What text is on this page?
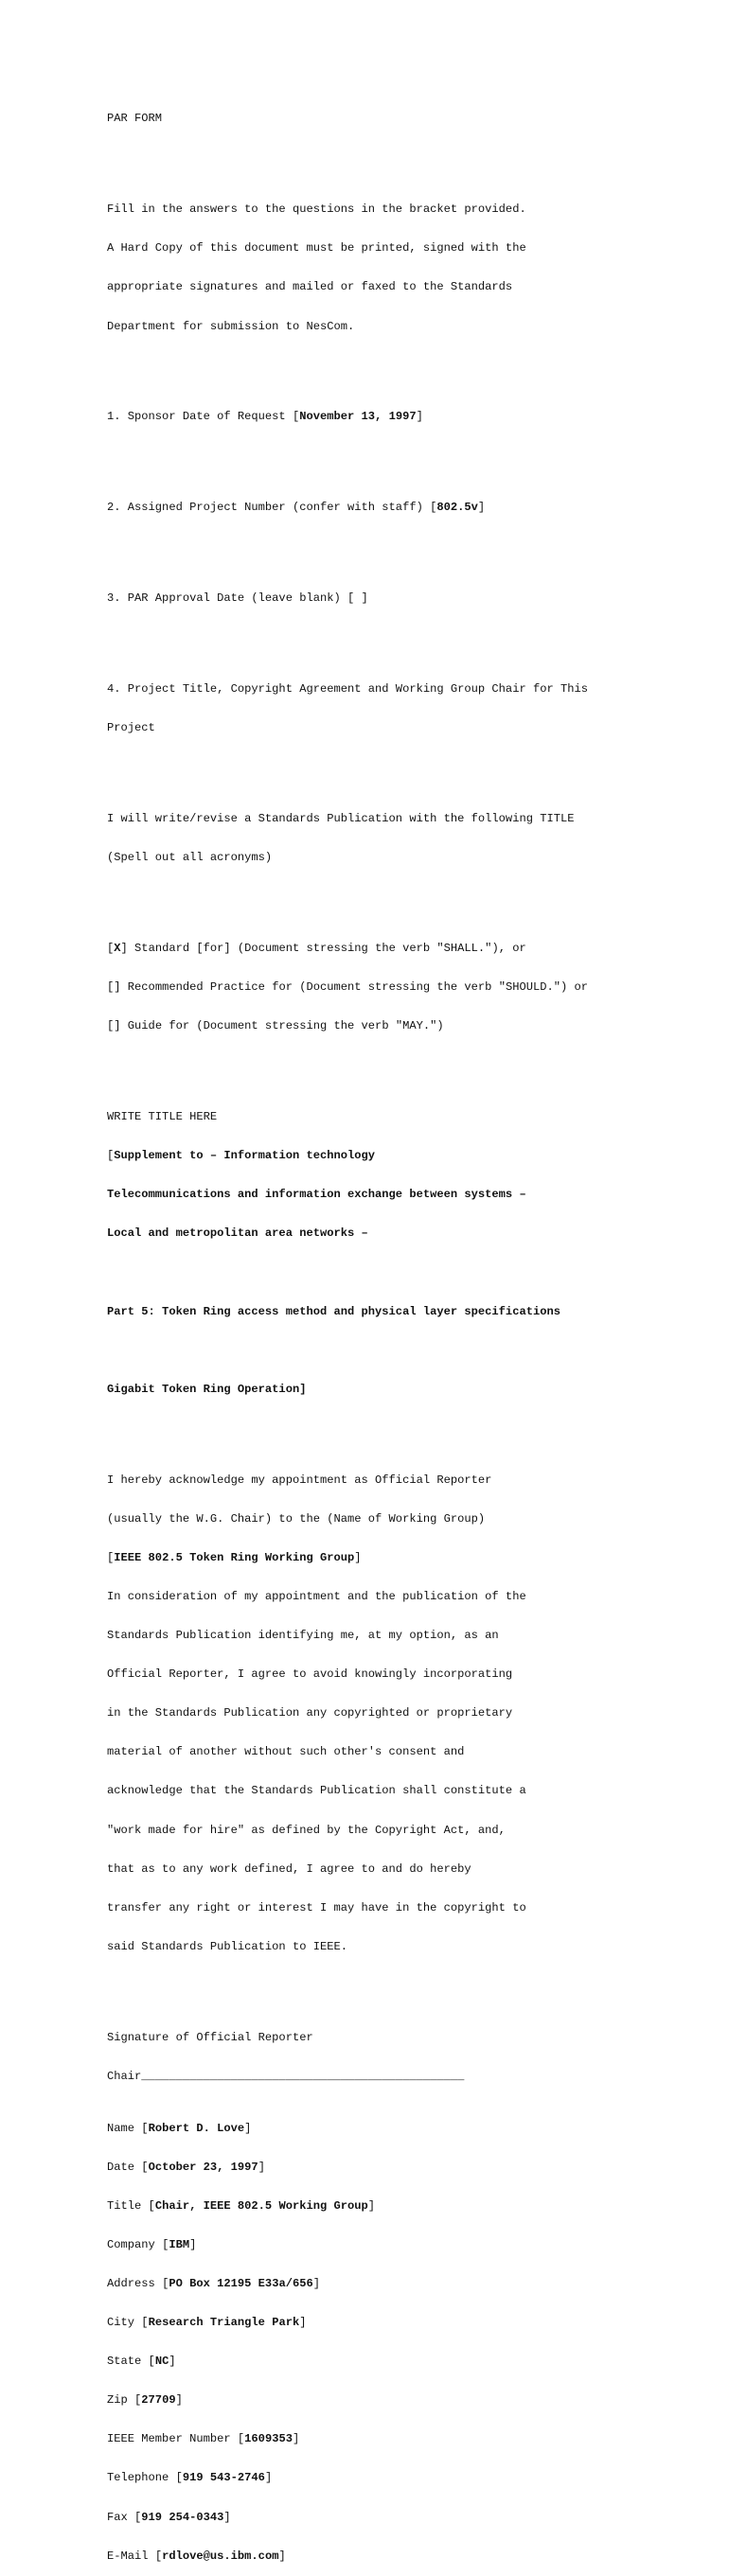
PAR FORM

Fill in the answers to the questions in the bracket provided.

A Hard Copy of this document must be printed, signed with the

appropriate signatures and mailed or faxed to the Standards

Department for submission to NesCom.

1. Sponsor Date of Request [November 13, 1997]

2. Assigned Project Number (confer with staff) [802.5v]

3. PAR Approval Date (leave blank) [ ]

4. Project Title, Copyright Agreement and Working Group Chair for This

Project

I will write/revise a Standards Publication with the following TITLE

(Spell out all acronyms)

[X] Standard [for] (Document stressing the verb "SHALL."), or

[] Recommended Practice for (Document stressing the verb "SHOULD.") or

[] Guide for (Document stressing the verb "MAY.")

WRITE TITLE HERE

[Supplement to – Information technology

Telecommunications and information exchange between systems –

Local and metropolitan area networks –

Part 5: Token Ring access method and physical layer specifications

Gigabit Token Ring Operation]

I hereby acknowledge my appointment as Official Reporter

(usually the W.G. Chair) to the (Name of Working Group)

[IEEE 802.5 Token Ring Working Group]

In consideration of my appointment and the publication of the

Standards Publication identifying me, at my option, as an

Official Reporter, I agree to avoid knowingly incorporating

in the Standards Publication any copyrighted or proprietary

material of another without such other's consent and

acknowledge that the Standards Publication shall constitute a

"work made for hire" as defined by the Copyright Act, and,

that as to any work defined, I agree to and do hereby

transfer any right or interest I may have in the copyright to

said Standards Publication to IEEE.

Signature of Official Reporter

Chair_______________________________________________

Name [Robert D. Love]

Date [October 23, 1997]

Title [Chair, IEEE 802.5 Working Group]

Company [IBM]

Address [PO Box 12195 E33a/656]

City [Research Triangle Park]

State [NC]

Zip [27709]

IEEE Member Number [1609353]

Telephone [919 543-2746]

Fax [919 254-0343]

E-Mail [rdlove@us.ibm.com]
